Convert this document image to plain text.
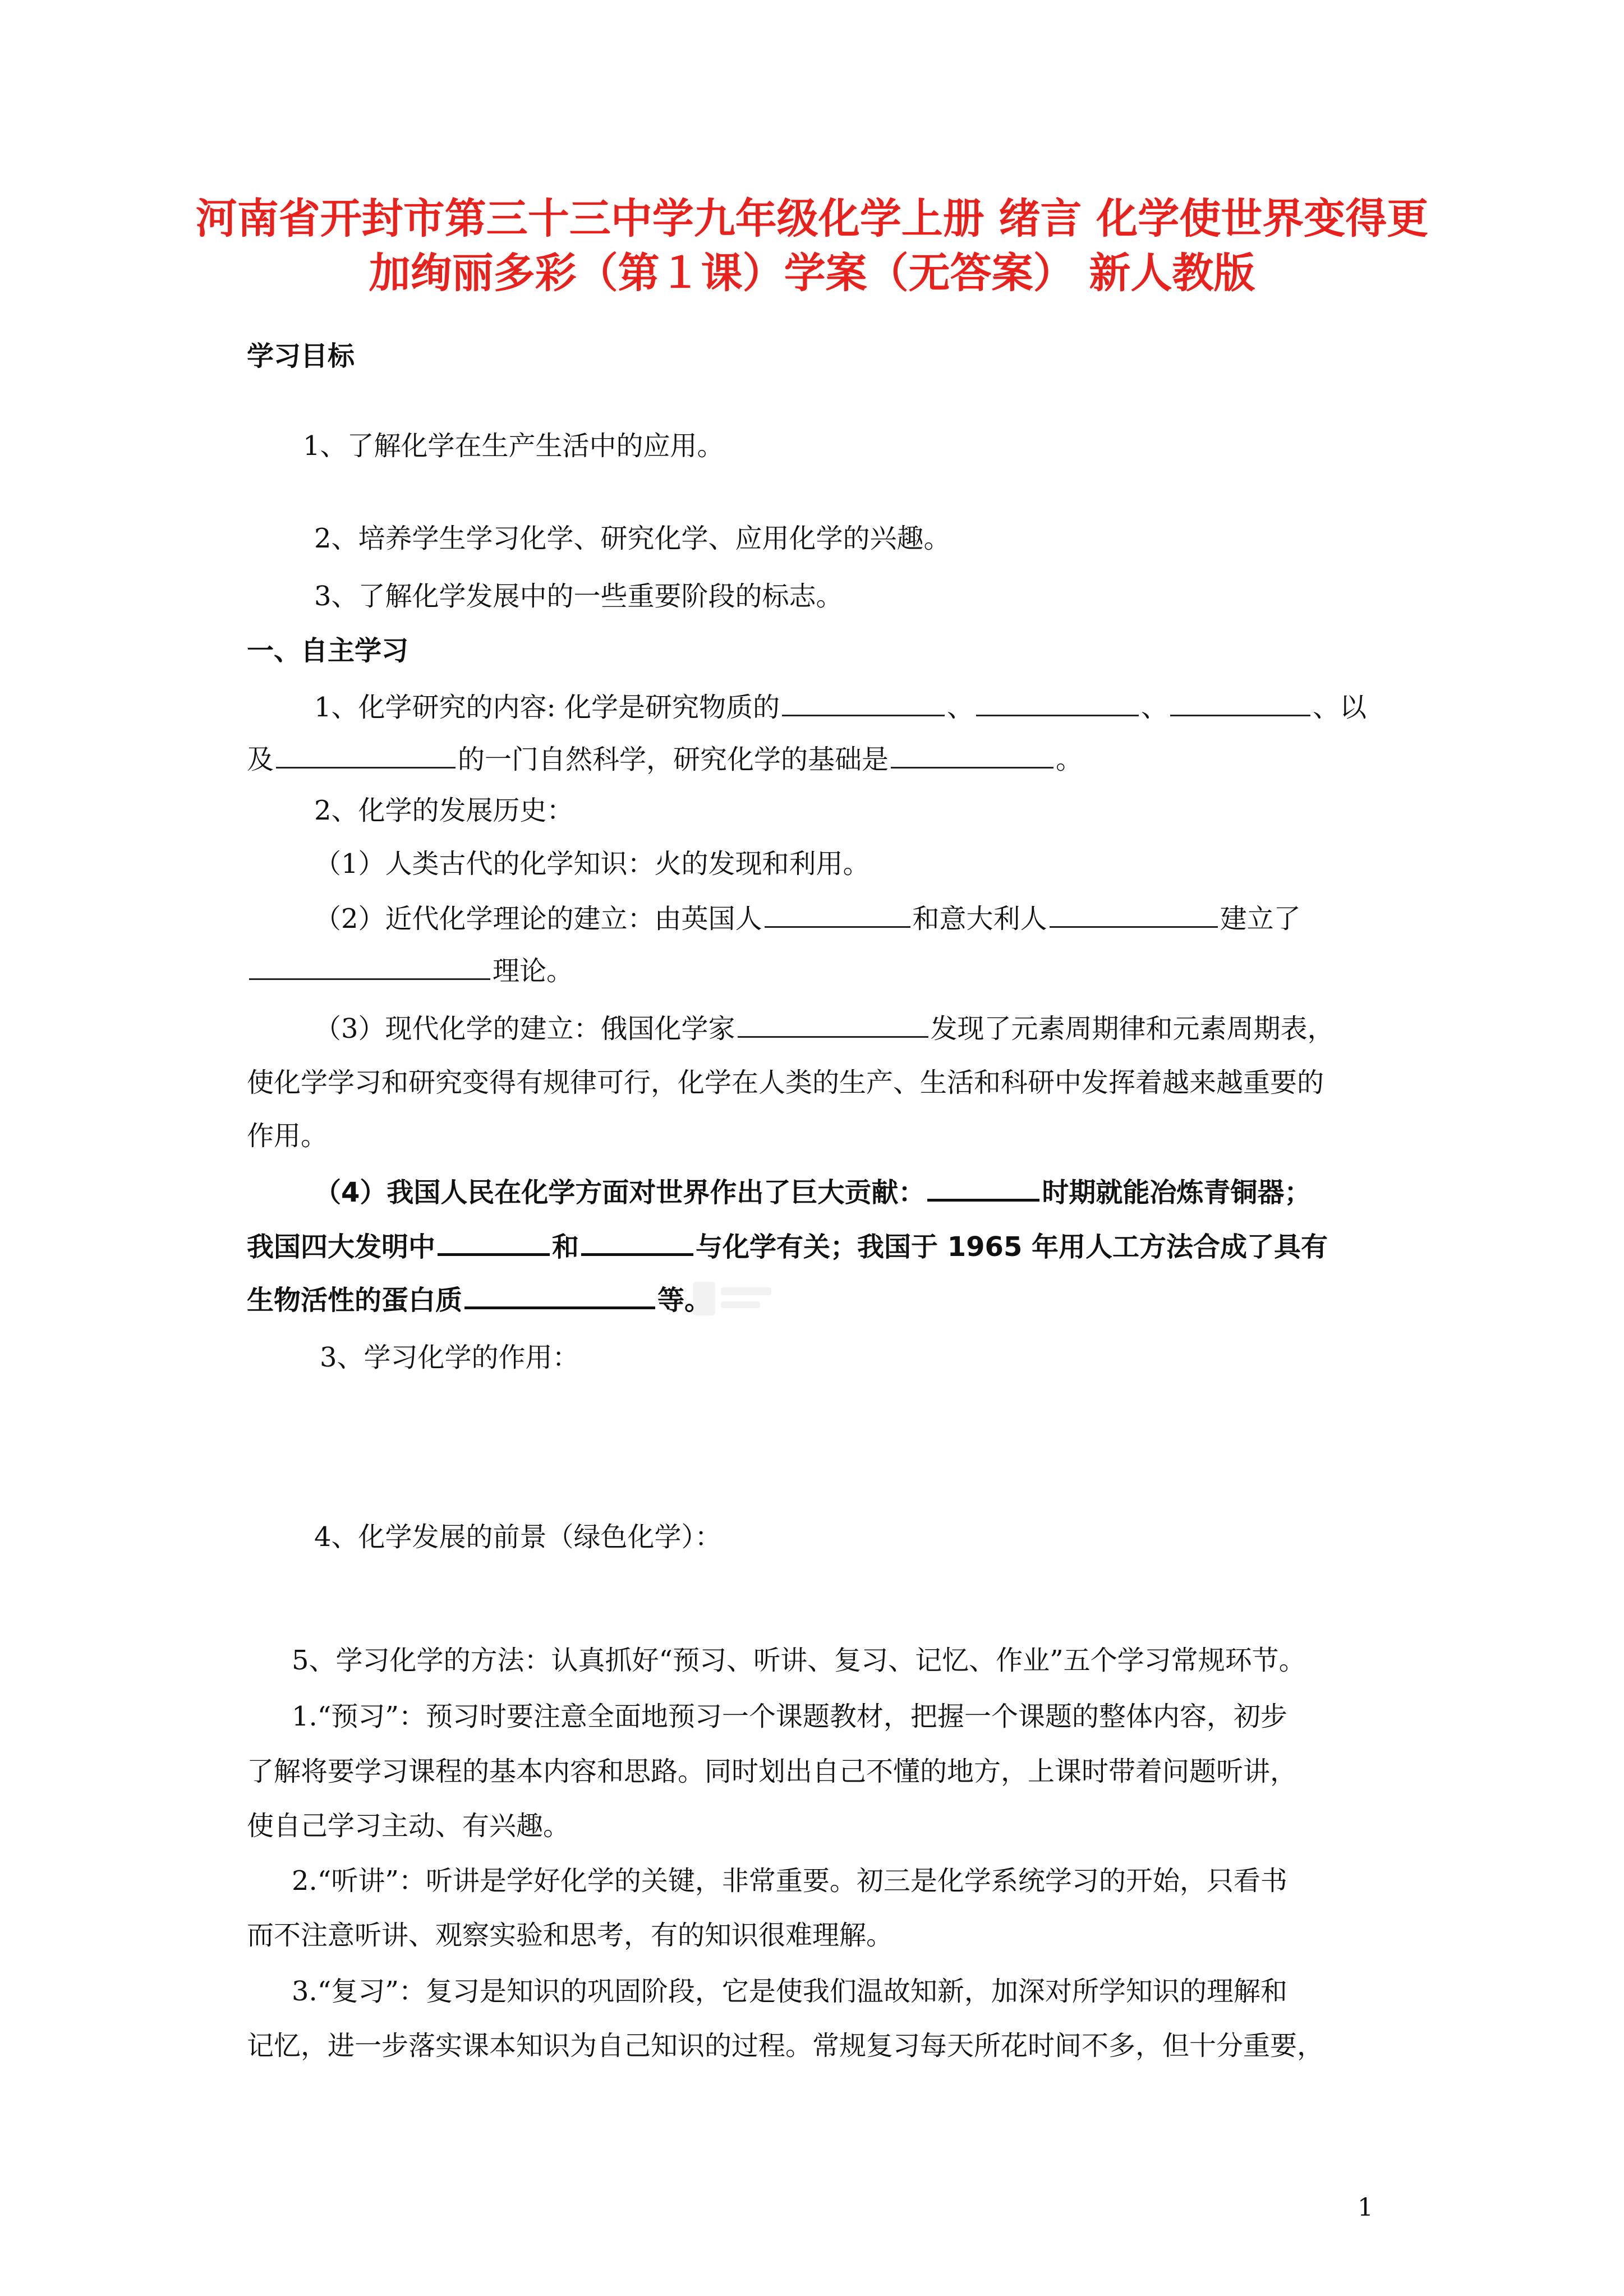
河南省开封市第三十三中学九年级化学上册 绪言 化学使世界变得更
加绚丽多彩（第１课）学案（无答案） 新人教版
学习目标
1、了解化学在生产生活中的应用。
2、培养学生学习化学、研究化学、应用化学的兴趣。
3、了解化学发展中的一些重要阶段的标志。
一、自主学习
1、化学研究的内容: 化学是研究物质的	、	、	、以
及	的一门自然科学，研究化学的基础是	。
2、化学的发展历史：
（1）人类古代的化学知识：火的发现和利用。
（2）近代化学理论的建立：由英国人	和意大利人	建立了
理论。
（3）现代化学的建立：俄国化学家	发现了元素周期律和元素周期表，
使化学学习和研究变得有规律可行，化学在人类的生产、生活和科研中发挥着越来越重要的
作用。
（4）我国人民在化学方面对世界作出了巨大贡献：	时期就能冶炼青铜器；
我国四大发明中	和	与化学有关；我国于 1965 年用人工方法合成了具有
生物活性的蛋白质	等。
3、学习化学的作用：
4、化学发展的前景（绿色化学）：
5、学习化学的方法：认真抓好“预习、听讲、复习、记忆、作业”五个学习常规环节。
1.“预习”：预习时要注意全面地预习一个课题教材，把握一个课题的整体内容，初步
了解将要学习课程的基本内容和思路。同时划出自己不懂的地方，上课时带着问题听讲，
使自己学习主动、有兴趣。
2.“听讲”：听讲是学好化学的关键，非常重要。初三是化学系统学习的开始，只看书
而不注意听讲、观察实验和思考，有的知识很难理解。
3.“复习”：复习是知识的巩固阶段，它是使我们温故知新，加深对所学知识的理解和
记忆，进一步落实课本知识为自己知识的过程。常规复习每天所花时间不多，但十分重要，
1
